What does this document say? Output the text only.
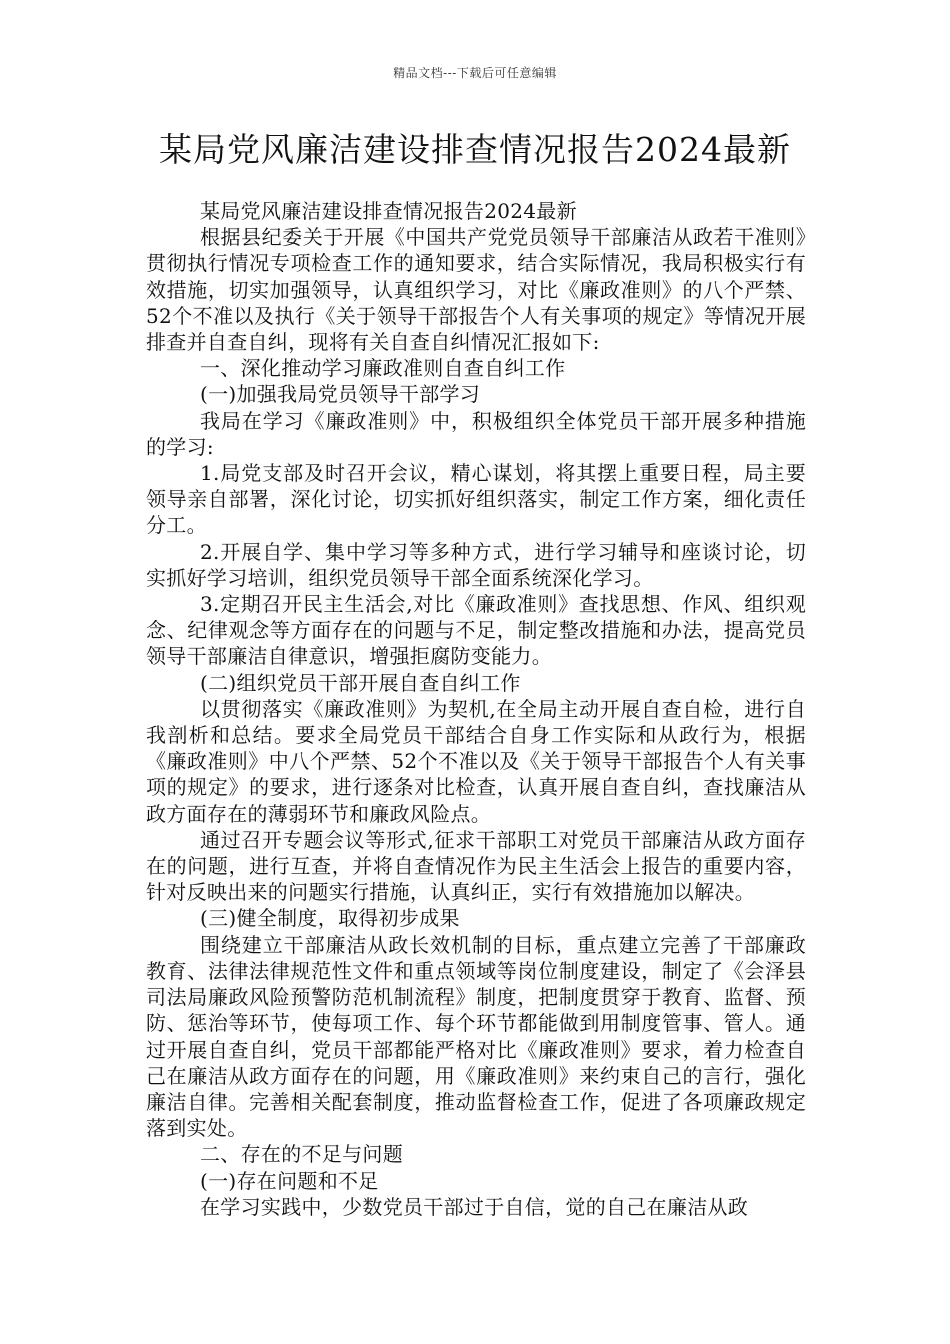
精品文档---下载后可任意编辑
某局党风廉洁建设排查情况报告2024最新

某局党风廉洁建设排查情况报告2024最新

根据县纪委关于开展《中国共产党党员领导干部廉洁从政若干准则》贯彻执行情况专项检查工作的通知要求，结合实际情况，我局积极实行有效措施，切实加强领导，认真组织学习，对比《廉政准则》的八个严禁、52个不准以及执行《关于领导干部报告个人有关事项的规定》等情况开展排查并自查自纠，现将有关自查自纠情况汇报如下:

一、深化推动学习廉政准则自查自纠工作

(一)加强我局党员领导干部学习

我局在学习《廉政准则》中，积极组织全体党员干部开展多种措施的学习:

1.局党支部及时召开会议，精心谋划，将其摆上重要日程，局主要领导亲自部署，深化讨论，切实抓好组织落实，制定工作方案，细化责任分工。

2.开展自学、集中学习等多种方式，进行学习辅导和座谈讨论，切实抓好学习培训，组织党员领导干部全面系统深化学习。

3.定期召开民主生活会,对比《廉政准则》查找思想、作风、组织观念、纪律观念等方面存在的问题与不足，制定整改措施和办法，提高党员领导干部廉洁自律意识，增强拒腐防变能力。

(二)组织党员干部开展自查自纠工作

以贯彻落实《廉政准则》为契机,在全局主动开展自查自检，进行自我剖析和总结。要求全局党员干部结合自身工作实际和从政行为，根据《廉政准则》中八个严禁、52个不准以及《关于领导干部报告个人有关事项的规定》的要求，进行逐条对比检查，认真开展自查自纠，查找廉洁从政方面存在的薄弱环节和廉政风险点。

通过召开专题会议等形式,征求干部职工对党员干部廉洁从政方面存在的问题，进行互查，并将自查情况作为民主生活会上报告的重要内容，针对反映出来的问题实行措施，认真纠正，实行有效措施加以解决。

(三)健全制度，取得初步成果

围绕建立干部廉洁从政长效机制的目标，重点建立完善了干部廉政教育、法律法律规范性文件和重点领域等岗位制度建设，制定了《会泽县司法局廉政风险预警防范机制流程》制度，把制度贯穿于教育、监督、预防、惩治等环节，使每项工作、每个环节都能做到用制度管事、管人。通过开展自查自纠，党员干部都能严格对比《廉政准则》要求，着力检查自己在廉洁从政方面存在的问题，用《廉政准则》来约束自己的言行，强化廉洁自律。完善相关配套制度，推动监督检查工作，促进了各项廉政规定落到实处。

二、存在的不足与问题

(一)存在问题和不足

在学习实践中，少数党员干部过于自信，觉的自己在廉洁从政
